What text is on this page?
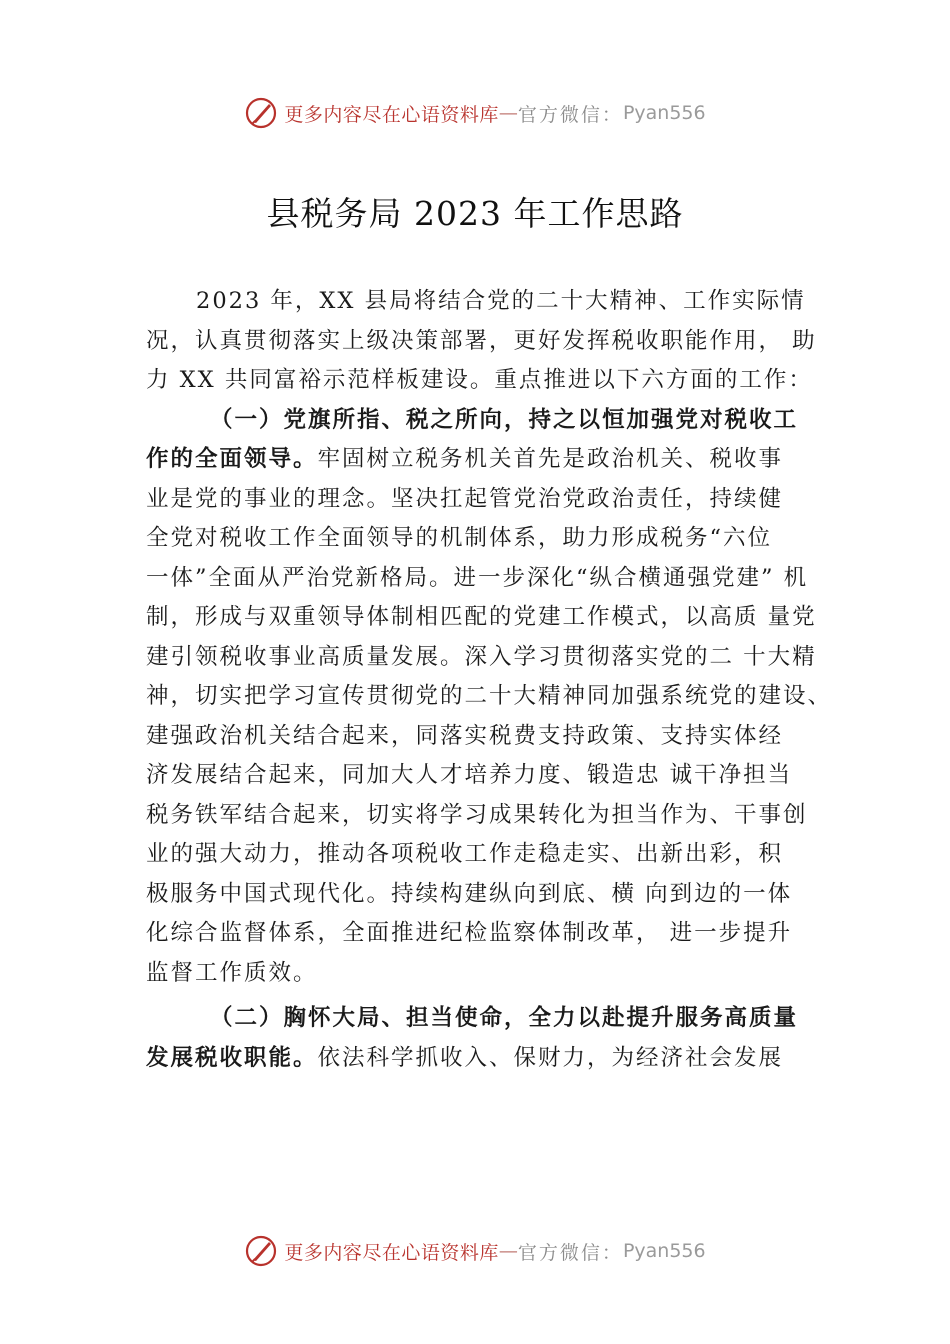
更多内容尽在心语资料库 — 官方微信： Pyan556
县税务局 2023 年工作思路
2023 年，XX 县局将结合党的二十大精神、工作实际情
况，认真贯彻落实上级决策部署，更好发挥税收职能作用， 助
力 XX 共同富裕示范样板建设。重点推进以下六方面的工作：
（一）党旗所指、税之所向，持之以恒加强党对税收工
作的全面领导。牢固树立税务机关首先是政治机关、税收事
业是党的事业的理念。坚决扛起管党治党政治责任，持续健
全党对税收工作全面领导的机制体系，助力形成税务“六位
一体”全面从严治党新格局。进一步深化“纵合横通强党建” 机
制，形成与双重领导体制相匹配的党建工作模式，以高质 量党
建引领税收事业高质量发展。深入学习贯彻落实党的二 十大精
神，切实把学习宣传贯彻党的二十大精神同加强系统党的建设、
建强政治机关结合起来，同落实税费支持政策、支持实体经
济发展结合起来，同加大人才培养力度、锻造忠 诚干净担当
税务铁军结合起来，切实将学习成果转化为担当作为、干事创
业的强大动力，推动各项税收工作走稳走实、出新出彩，积
极服务中国式现代化。持续构建纵向到底、横 向到边的一体
化综合监督体系，全面推进纪检监察体制改革， 进一步提升
监督工作质效。
（二）胸怀大局、担当使命，全力以赴提升服务高质量
发展税收职能。依法科学抓收入、保财力，为经济社会发展
更多内容尽在心语资料库 — 官方微信： Pyan556
